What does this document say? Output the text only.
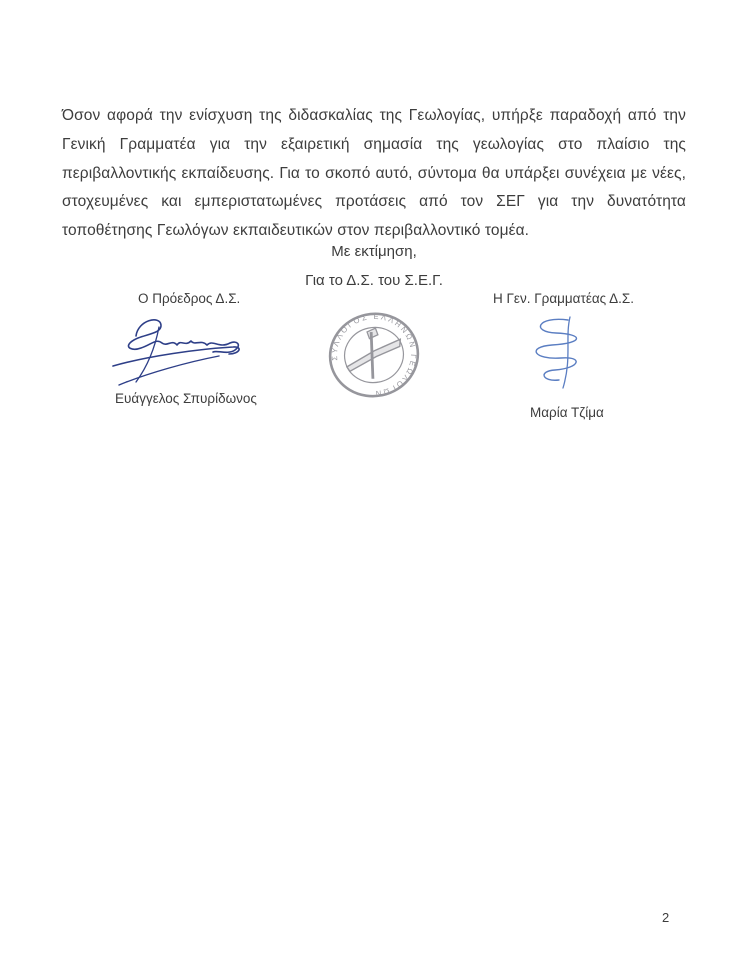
Όσον αφορά την ενίσχυση της διδασκαλίας της Γεωλογίας, υπήρξε παραδοχή από την Γενική Γραμματέα για την εξαιρετική σημασία της γεωλογίας στο πλαίσιο της περιβαλλοντικής εκπαίδευσης. Για το σκοπό αυτό, σύντομα θα υπάρξει συνέχεια με νέες, στοχευμένες και εμπεριστατωμένες προτάσεις από τον ΣΕΓ για την δυνατότητα τοποθέτησης Γεωλόγων εκπαιδευτικών στον περιβαλλοντικό τομέα.

Με εκτίμηση,
Για το Δ.Σ. του Σ.Ε.Γ.
Ο Πρόεδρος Δ.Σ.	Η Γεν. Γραμματέας Δ.Σ.
ΣΥΛΛΟΓΟΣ ΕΛΛΗΝΩΝ ΓΕΩΛΟΓΩΝ
Ευάγγελος Σπυρίδωνος
Μαρία Τζίμα
2
